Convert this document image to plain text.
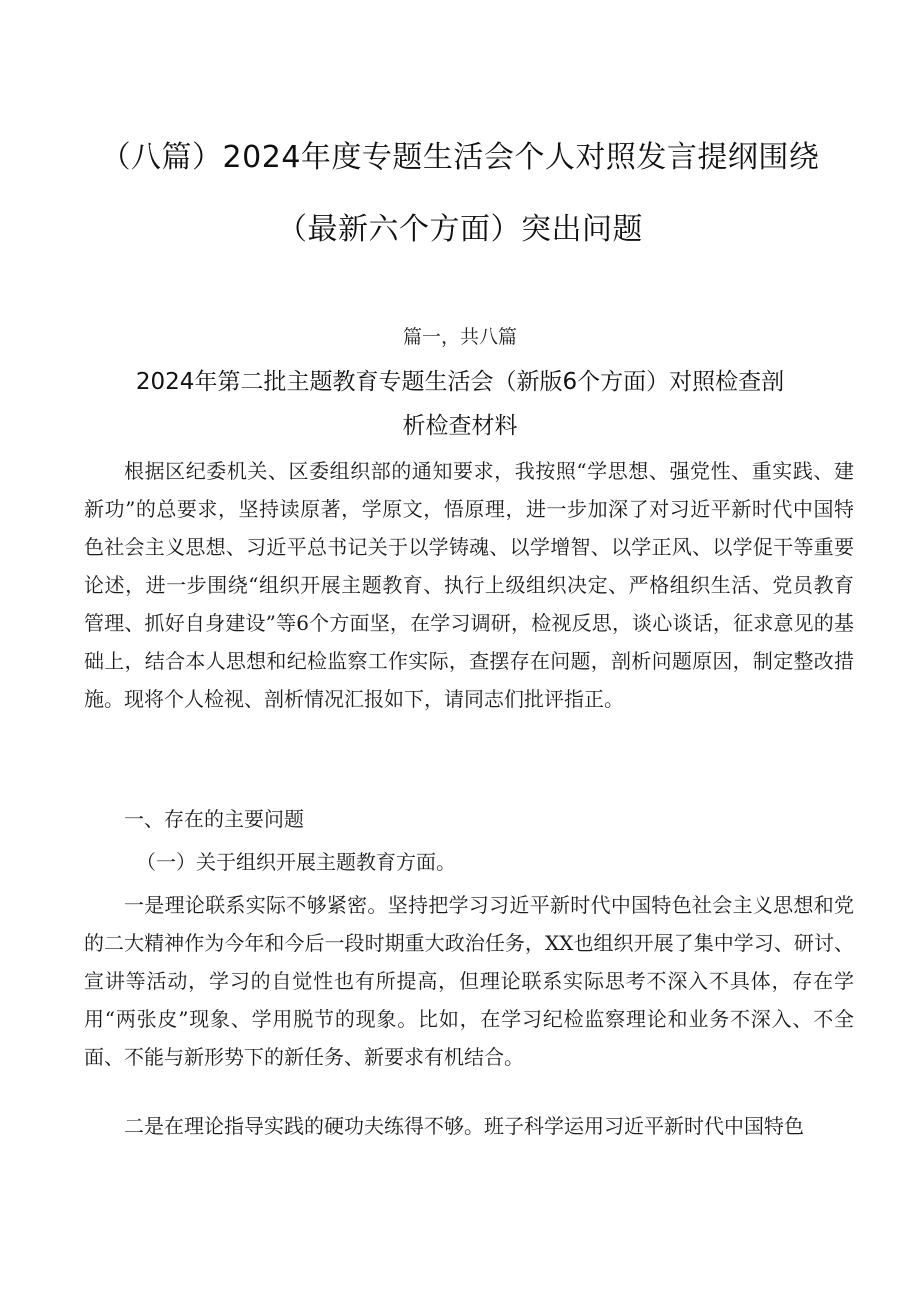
（八篇）2024年度专题生活会个人对照发言提纲围绕
（最新六个方面）突出问题
篇一，共八篇
2024年第二批主题教育专题生活会（新版6个方面）对照检查剖
析检查材料

根据区纪委机关、区委组织部的通知要求，我按照“学思想、强党性、重实践、建新功”的总要求，坚持读原著，学原文，悟原理，进一步加深了对习近平新时代中国特色社会主义思想、习近平总书记关于以学铸魂、以学增智、以学正风、以学促干等重要论述，进一步围绕“组织开展主题教育、执行上级组织决定、严格组织生活、党员教育管理、抓好自身建设”等6个方面坚，在学习调研，检视反思，谈心谈话，征求意见的基础上，结合本人思想和纪检监察工作实际，查摆存在问题，剖析问题原因，制定整改措施。现将个人检视、剖析情况汇报如下，请同志们批评指正。

一、存在的主要问题

（一）关于组织开展主题教育方面。

一是理论联系实际不够紧密。坚持把学习习近平新时代中国特色社会主义思想和党的二大精神作为今年和今后一段时期重大政治任务，XX也组织开展了集中学习、研讨、宣讲等活动，学习的自觉性也有所提高，但理论联系实际思考不深入不具体，存在学用“两张皮”现象、学用脱节的现象。比如，在学习纪检监察理论和业务不深入、不全面、不能与新形势下的新任务、新要求有机结合。

二是在理论指导实践的硬功夫练得不够。班子科学运用习近平新时代中国特色
